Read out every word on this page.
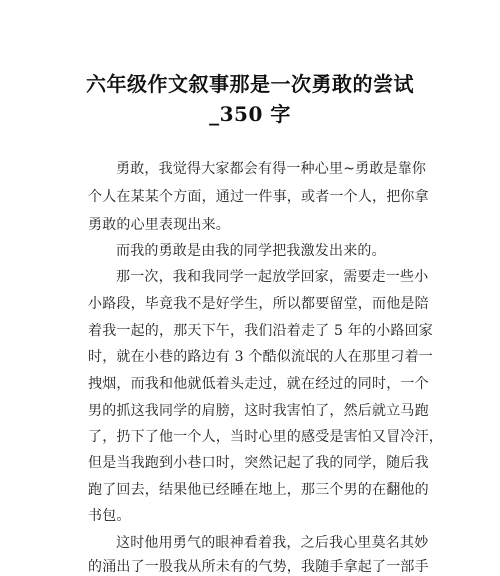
六年级作文叙事那是一次勇敢的尝试
_350 字
勇敢，我觉得大家都会有得一种心里~勇敢是靠你
个人在某某个方面，通过一件事，或者一个人，把你拿
勇敢的心里表现出来。
而我的勇敢是由我的同学把我激发出来的。
那一次，我和我同学一起放学回家，需要走一些小
小路段，毕竟我不是好学生，所以都要留堂，而他是陪
着我一起的，那天下午，我们沿着走了 5 年的小路回家
时，就在小巷的路边有 3 个酷似流氓的人在那里刁着一
拽烟，而我和他就低着头走过，就在经过的同时，一个
男的抓这我同学的肩膀，这时我害怕了，然后就立马跑
了，扔下了他一个人，当时心里的感受是害怕又冒冷汗，
但是当我跑到小巷口时，突然记起了我的同学，随后我
跑了回去，结果他已经睡在地上，那三个男的在翻他的
书包。
这时他用勇气的眼神看着我，之后我心里莫名其妙
的涌出了一股我从所未有的气势，我随手拿起了一部手
